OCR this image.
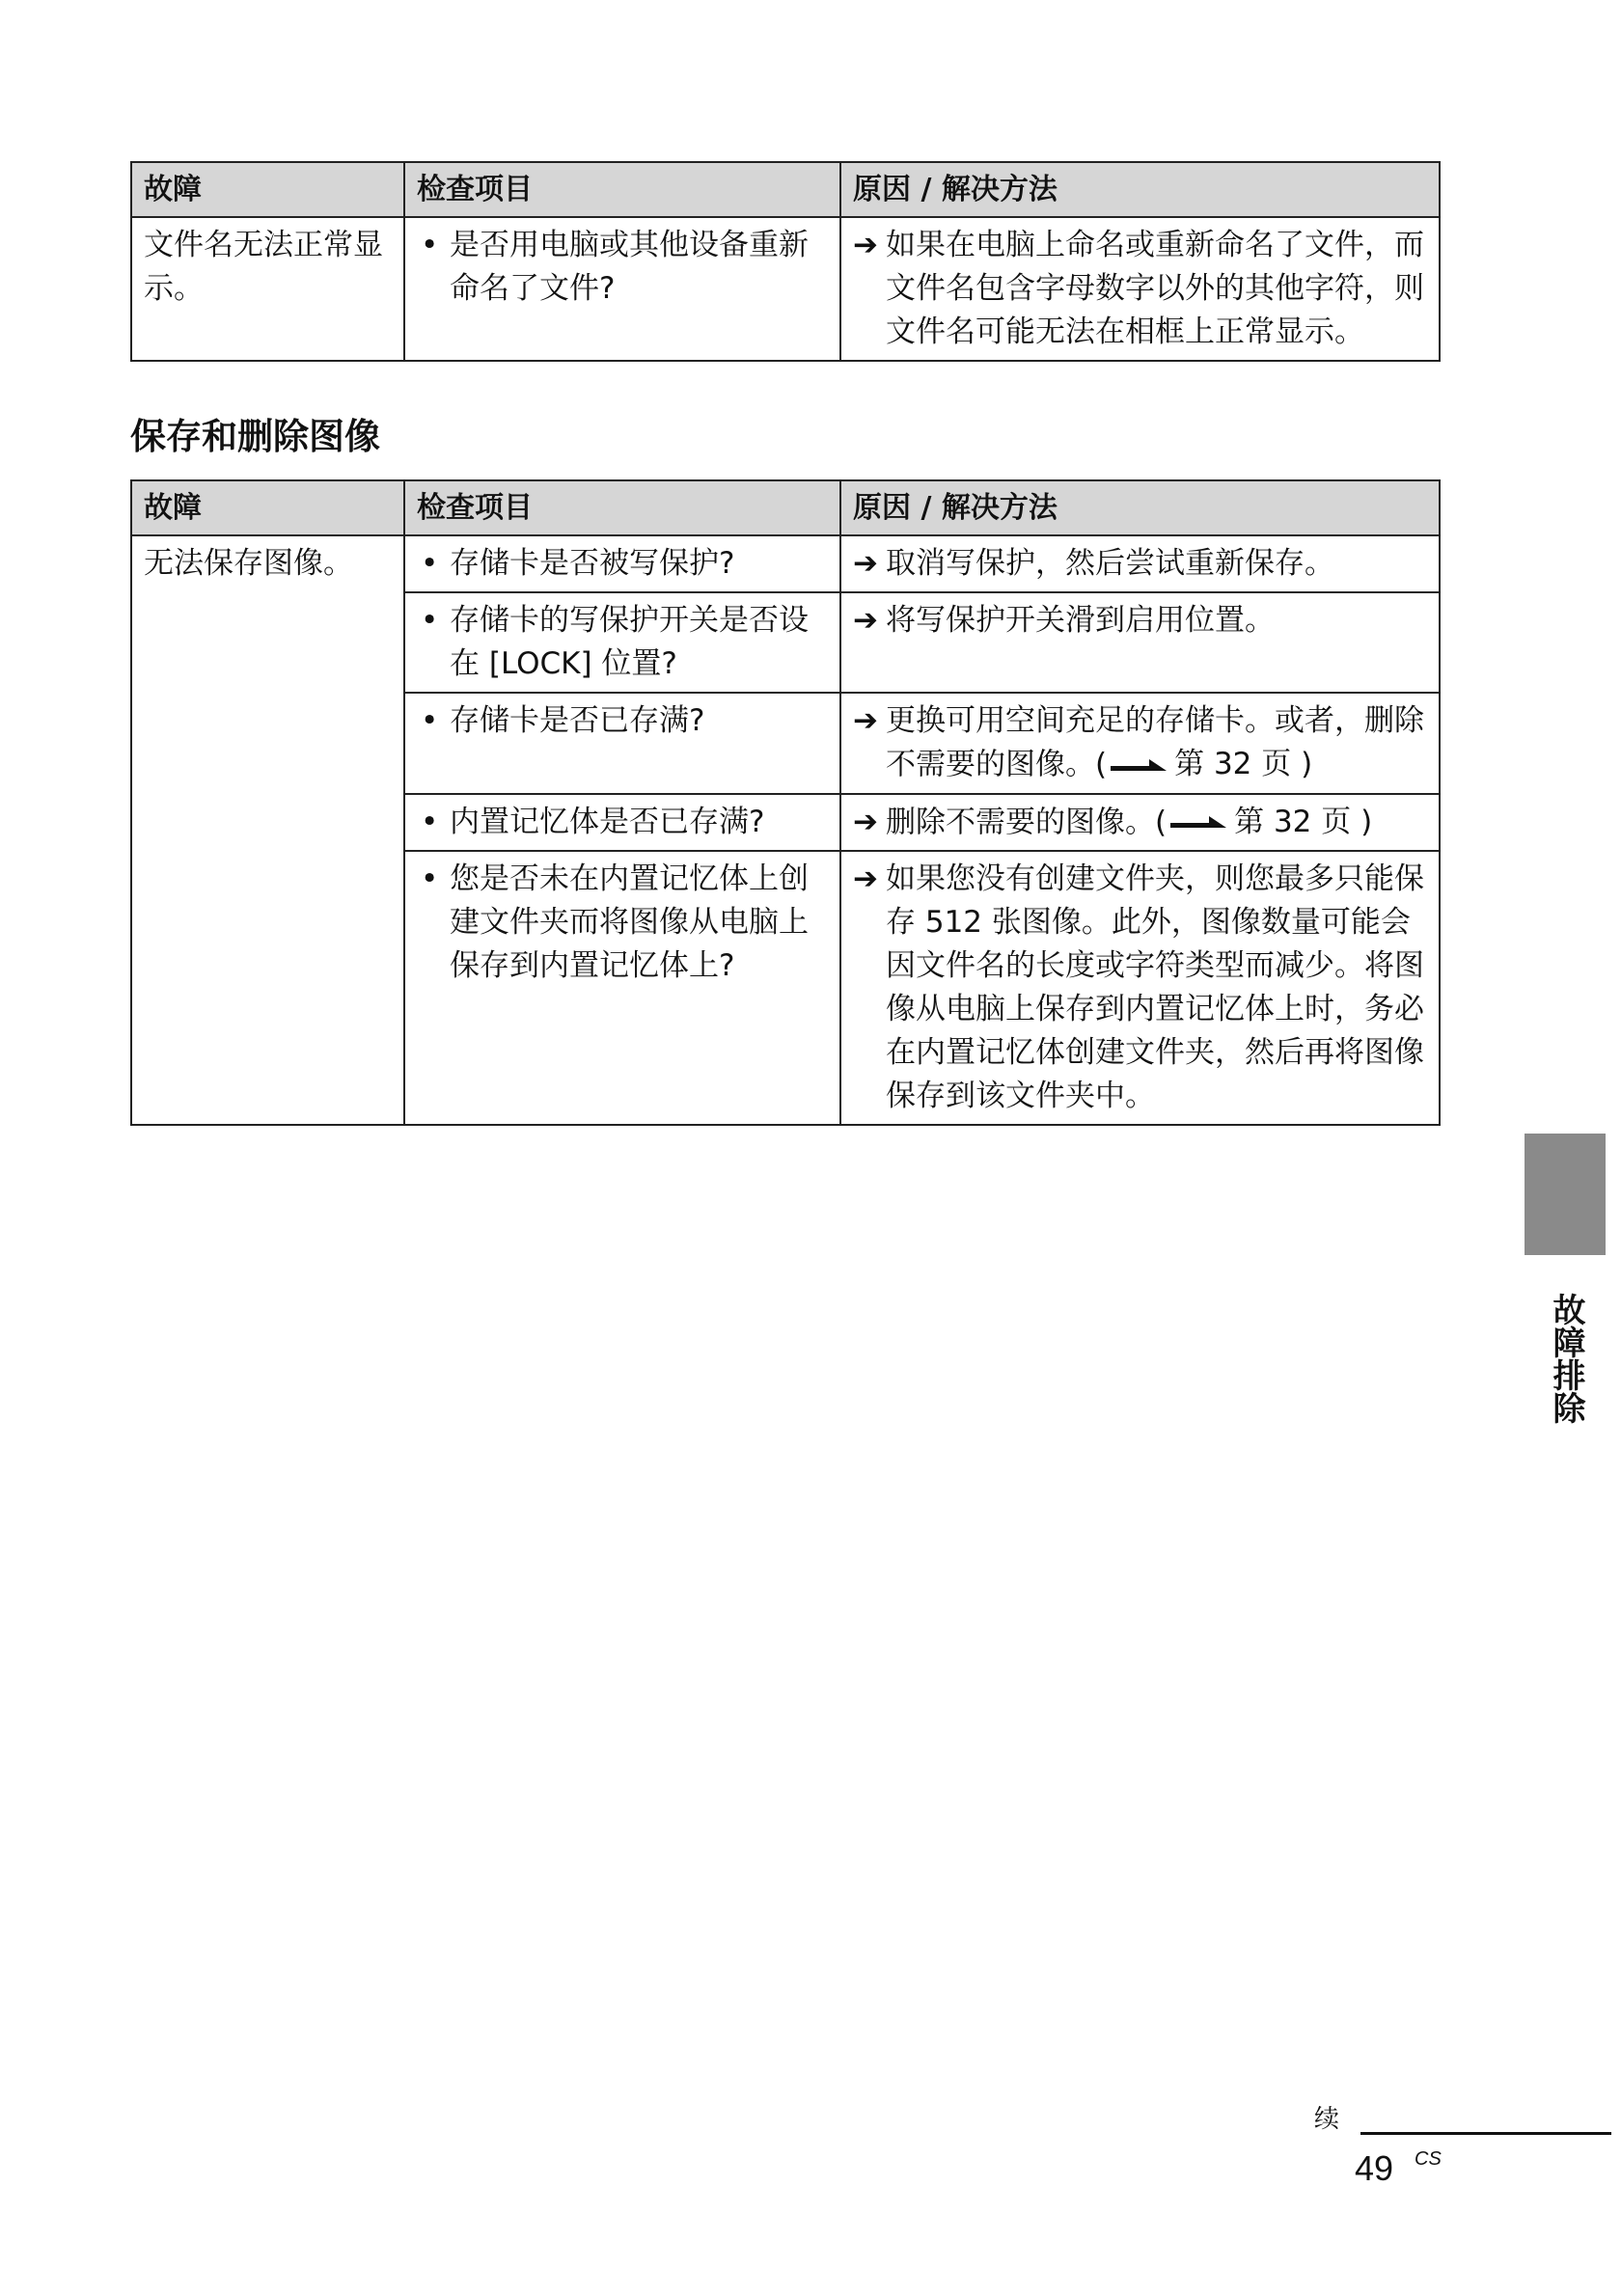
故障	检查项目	原因 / 解决方法
文件名无法正常显示。	• 是否用电脑或其他设备重新命名了文件?	➔ 如果在电脑上命名或重新命名了文件，而文件名包含字母数字以外的其他字符，则文件名可能无法在相框上正常显示。
保存和删除图像
故障	检查项目	原因 / 解决方法
无法保存图像。	• 存储卡是否被写保护?	➔ 取消写保护，然后尝试重新保存。

	• 存储卡的写保护开关是否设在 [LOCK] 位置?	➔ 将写保护开关滑到启用位置。

	• 存储卡是否已存满?	➔ 更换可用空间充足的存储卡。或者，删除不需要的图像。( 第 32 页 )

	• 内置记忆体是否已存满?	➔ 删除不需要的图像。( 第 32 页 )

	• 您是否未在内置记忆体上创建文件夹而将图像从电脑上保存到内置记忆体上?	➔ 如果您没有创建文件夹，则您最多只能保存 512 张图像。此外，图像数量可能会因文件名的长度或字符类型而减少。将图像从电脑上保存到内置记忆体上时，务必在内置记忆体创建文件夹，然后再将图像保存到该文件夹中。
故障排除
续
49 CS
